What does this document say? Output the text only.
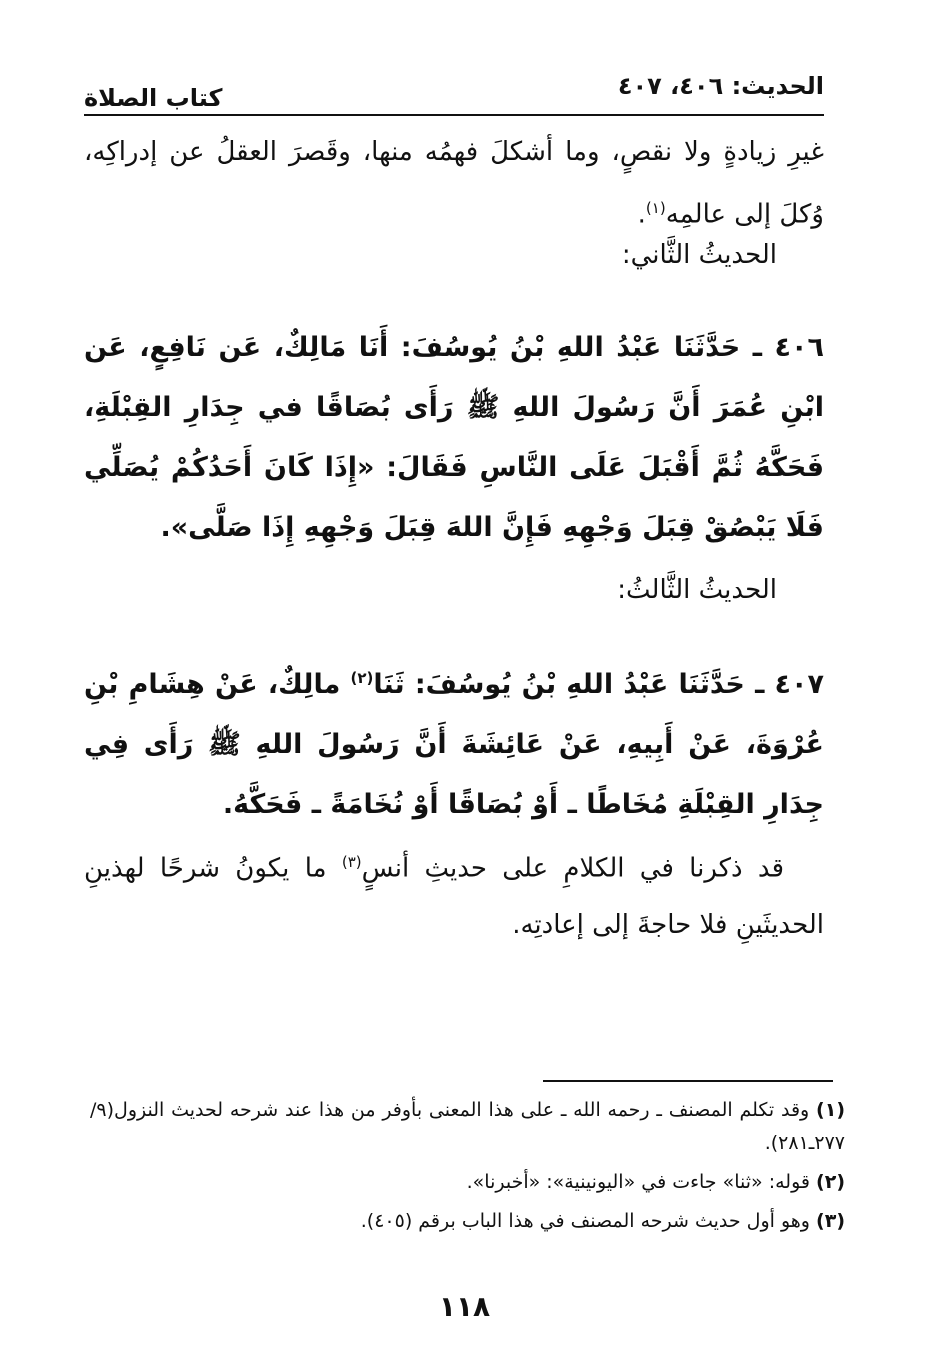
الحديث: ٤٠٦، ٤٠٧
كتاب الصلاة

غيرِ زيادةٍ ولا نقصٍ، وما أشكلَ فهمُه منها، وقَصرَ العقلُ عن إدراكِه، وُكلَ إلى عالمِه$^{(١)}$.

الحديثُ الثَّاني:

٤٠٦ ـ حَدَّثَنَا عَبْدُ اللهِ بْنُ يُوسُفَ: أَنَا مَالِكٌ، عَن نَافِعٍ، عَن ابْنِ عُمَرَ أَنَّ رَسُولَ اللهِ ﷺ رَأَى بُصَاقًا في جِدَارِ القِبْلَةِ، فَحَكَّهُ ثُمَّ أَقْبَلَ عَلَى النَّاسِ فَقَالَ: «إِذَا كَانَ أَحَدُكُمْ يُصَلِّي فَلَا يَبْصُقْ قِبَلَ وَجْهِهِ فَإِنَّ اللهَ قِبَلَ وَجْهِهِ إِذَا صَلَّى».

الحديثُ الثَّالثُ:

٤٠٧ ـ حَدَّثَنَا عَبْدُ اللهِ بْنُ يُوسُفَ: ثَنَا$^{(٢)}$ مالِكٌ، عَنْ هِشَامِ بْنِ عُرْوَةَ، عَنْ أَبِيهِ، عَنْ عَائِشَةَ أَنَّ رَسُولَ اللهِ ﷺ رَأَى فِي جِدَارِ القِبْلَةِ مُخَاطًا ـ أَوْ بُصَاقًا أَوْ نُخَامَةً ـ فَحَكَّهُ.

قد ذكرنا في الكلامِ على حديثِ أنسٍ$^{(٣)}$ ما يكونُ شرحًا لهذينِ الحديثَينِ فلا حاجةَ إلى إعادتِه.

(١) وقد تكلم المصنف ـ رحمه الله ـ على هذا المعنى بأوفر من هذا عند شرحه لحديث النزول(٩/ ٢٧٧ـ٢٨١).

(٢) قوله: «ثنا» جاءت في «اليونينية»: «أخبرنا».

(٣) وهو أول حديث شرحه المصنف في هذا الباب برقم (٤٠٥).

١١٨
